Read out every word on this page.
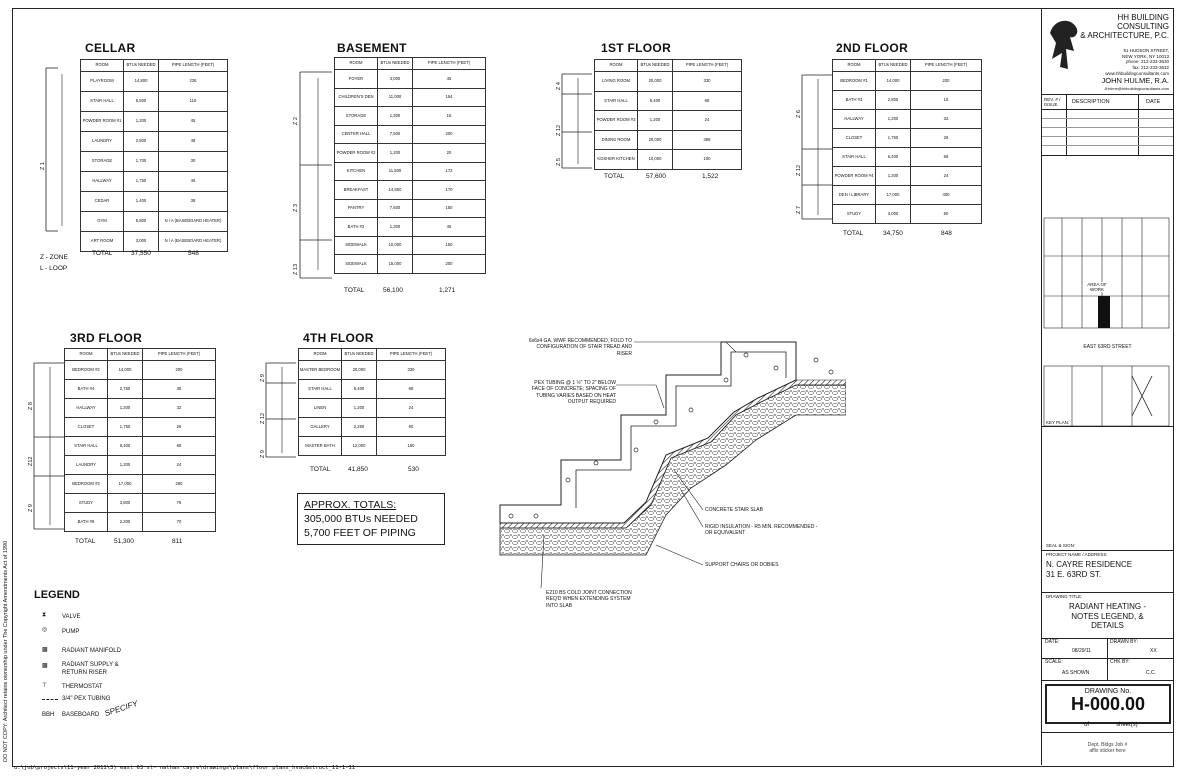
CELLAR
ROOM	BTUs NEEDED	PIPE LENGTH (FEET)
PLAYROOM	14,800	226
STAIR HALL	5,500	116
POWDER ROOM #1	1,200	45
LAUNDRY	2,800	48
STORAGE	1,700	30
HALLWAY	1,750	45
CEDAR	1,400	38
GYM	5,800	N / A (BASEBOARD HEATER)
ART ROOM	3,000	N / A (BASEBOARD HEATER)
TOTAL	37,550	548
Z 1
Z - ZONE
L - LOOP
BASEMENT
ROOM	BTUs NEEDED	PIPE LENGTH (FEET)
FOYER	3,000	45
CHILDREN'S DEN	11,000	154
STORAGE	1,300	15
CENTER HALL	7,500	200
POWDER ROOM #2	1,200	20
KITCHEN	11,500	172
BREAKFAST	14,800	170
PANTRY	7,500	150
BATH #2	1,300	45
SIDEWALK	10,000	150
SIDEWALK	15,000	200
TOTAL	56,100	1,271
Z 2
Z 3
Z 13
1ST FLOOR
ROOM	BTUs NEEDED	PIPE LENGTH (FEET)
LIVING ROOM	20,000	330
STAIR HALL	6,400	68
POWDER ROOM #3	1,200	24
DINING ROOM	20,000	388
KOSHER KITCHEN	10,000	100
TOTAL	57,600	1,522
Z 4
Z 12
Z 5
2ND FLOOR
ROOM	BTUs NEEDED	PIPE LENGTH (FEET)
BEDROOM #1	14,000	200
BATH #3	2,800	15
HALLWAY	1,200	32
CLOSET	1,750	26
STAIR HALL	6,400	68
POWDER ROOM #4	1,200	24
DEN / LIBRARY	17,000	400
STUDY	3,000	60
TOTAL	34,750	848
Z 6
Z 12
Z 7
3RD FLOOR
ROOM	BTUs NEEDED	PIPE LENGTH (FEET)
BEDROOM #2	14,000	200
BATH #4	2,750	35
HALLWAY	1,200	32
CLOSET	1,750	26
STAIR HALL	6,400	68
LAUNDRY	1,200	24
BEDROOM #3	17,000	280
STUDY	3,800	76
BATH #6	2,200	70
TOTAL	51,300	811
Z 8
Z12
Z 9
4TH FLOOR
ROOM	BTUs NEEDED	PIPE LENGTH (FEET)
MASTER BEDROOM	20,000	330
STAIR HALL	6,400	68
LINEN	1,200	24
GALLERY	2,250	60
MASTER BATH	12,000	160
TOTAL	41,850	530
Z 9
Z 12
Z 9
APPROX. TOTALS:
305,000 BTUs NEEDED
5,700 FEET OF PIPING
6x6x4 GA. WWF RECOMMENDED, FOLD TO CONFIGURATION OF STAIR TREAD AND RISER
PEX TUBING @ 1 ½" TO 2" BELOW FACE OF CONCRETE; SPACING OF TUBING VARIES BASED ON HEAT OUTPUT REQUIRED
CONCRETE STAIR SLAB
RIGID INSULATION - R5 MIN. RECOMMENDED - OR EQUIVALENT
SUPPORT CHAIRS OR DOBIES
E210 BS COLD JOINT CONNECTION REQ'D WHEN EXTENDING SYSTEM INTO SLAB
LEGEND
⧗	VALVE
◎ PUMP
▩ RADIANT MANIFOLD
▩ RADIANT SUPPLY & RETURN RISER
⊤ THERMOSTAT
3/4" PEX TUBING
BBH BASEBOARD SPECIFY
DO NOT COPY: Architect retains ownership under The Copyright Amendments Act of 1990
u:\job\projects\11-year 2011\3) east 63 st- nathan cayre\drawings\plans\floor plans_hvac&struct_11-1-11
HH BUILDING
CONSULTING
& ARCHITECTURE, P.C.
51 HUDSON STREET,
NEW YORK, NY 10013
phone: 212-233-3630
fax: 212-233-3632
www.hhbuildingconsultants.com
JOHN HULME, R.A.
JHulme@hhbuildingconsultants.com
REV. # / ISSUE	DESCRIPTION	DATE
AREA OF WORK
EAST 63RD STREET
KEY PLAN:
SEAL & SIGN:
PROJECT NAME / ADDRESS:
N. CAYRE RESIDENCE
31 E. 63RD ST.
DRAWING TITLE:
RADIANT HEATING -
NOTES LEGEND, &
DETAILS
DATE:
08/29/11
DRAWN BY:
XX
SCALE:
AS SHOWN
CHK BY:
C.C.
DRAWING No.
H-000.00
of	sheet(s)
Dept. Bldgs Job #
affix sticker here
